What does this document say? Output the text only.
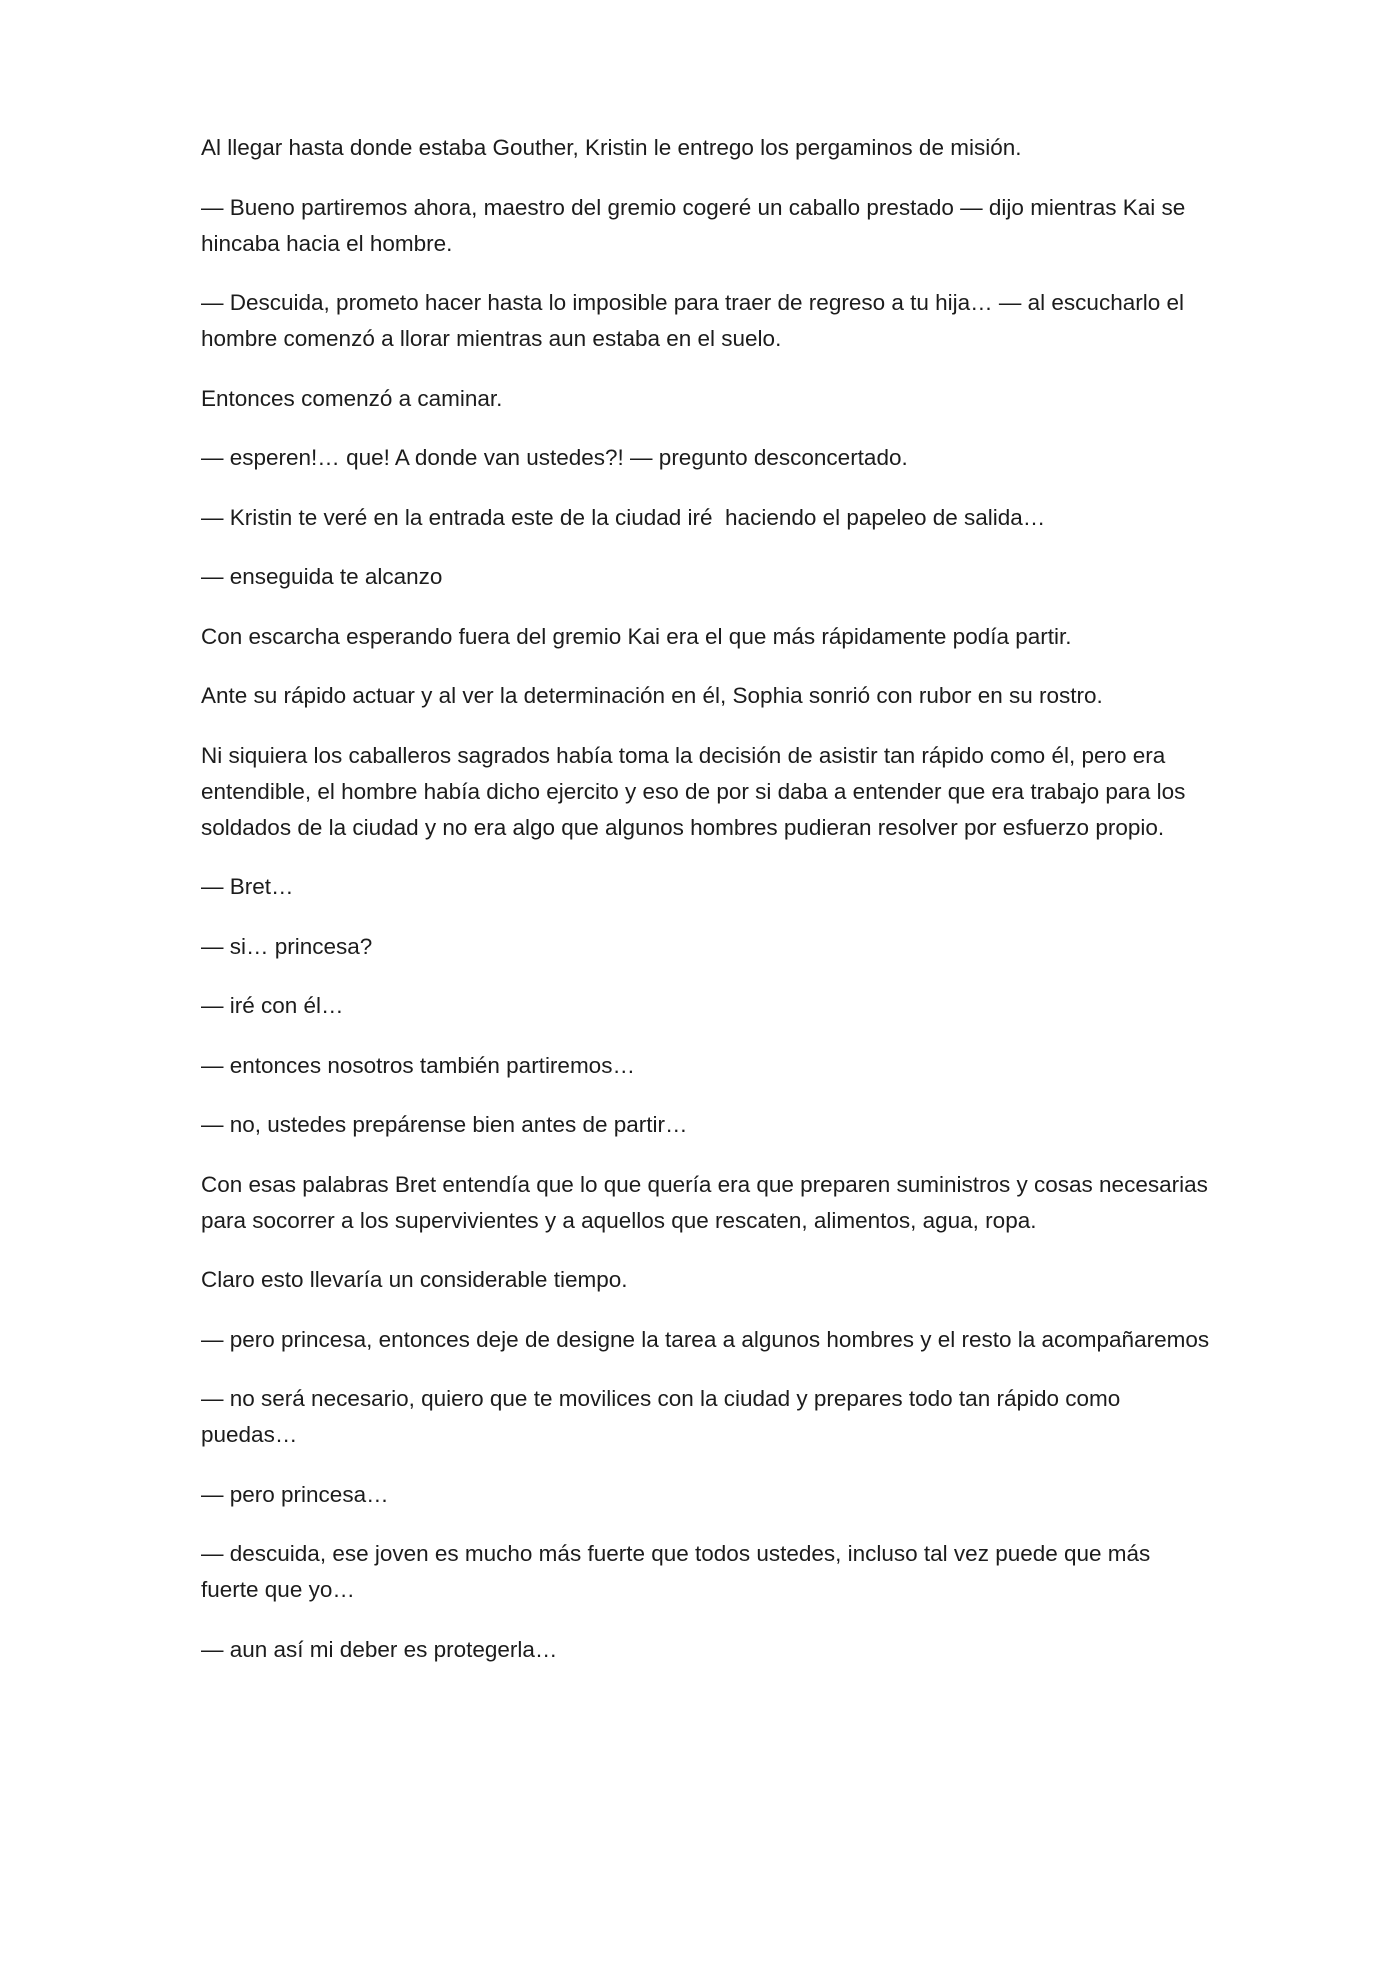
Al llegar hasta donde estaba Gouther, Kristin le entrego los pergaminos de misión.

— Bueno partiremos ahora, maestro del gremio cogeré un caballo prestado — dijo mientras Kai se hincaba hacia el hombre.

— Descuida, prometo hacer hasta lo imposible para traer de regreso a tu hija… — al escucharlo el hombre comenzó a llorar mientras aun estaba en el suelo.

Entonces comenzó a caminar.

— esperen!… que! A donde van ustedes?! — pregunto desconcertado.

— Kristin te veré en la entrada este de la ciudad iré  haciendo el papeleo de salida…

— enseguida te alcanzo

Con escarcha esperando fuera del gremio Kai era el que más rápidamente podía partir.

Ante su rápido actuar y al ver la determinación en él, Sophia sonrió con rubor en su rostro.

Ni siquiera los caballeros sagrados había toma la decisión de asistir tan rápido como él, pero era entendible, el hombre había dicho ejercito y eso de por si daba a entender que era trabajo para los soldados de la ciudad y no era algo que algunos hombres pudieran resolver por esfuerzo propio.

— Bret…

— si… princesa?

— iré con él…

— entonces nosotros también partiremos…

— no, ustedes prepárense bien antes de partir…

Con esas palabras Bret entendía que lo que quería era que preparen suministros y cosas necesarias para socorrer a los supervivientes y a aquellos que rescaten, alimentos, agua, ropa.

Claro esto llevaría un considerable tiempo.

— pero princesa, entonces deje de designe la tarea a algunos hombres y el resto la acompañaremos

— no será necesario, quiero que te movilices con la ciudad y prepares todo tan rápido como puedas…

— pero princesa…

— descuida, ese joven es mucho más fuerte que todos ustedes, incluso tal vez puede que más fuerte que yo…

— aun así mi deber es protegerla…
